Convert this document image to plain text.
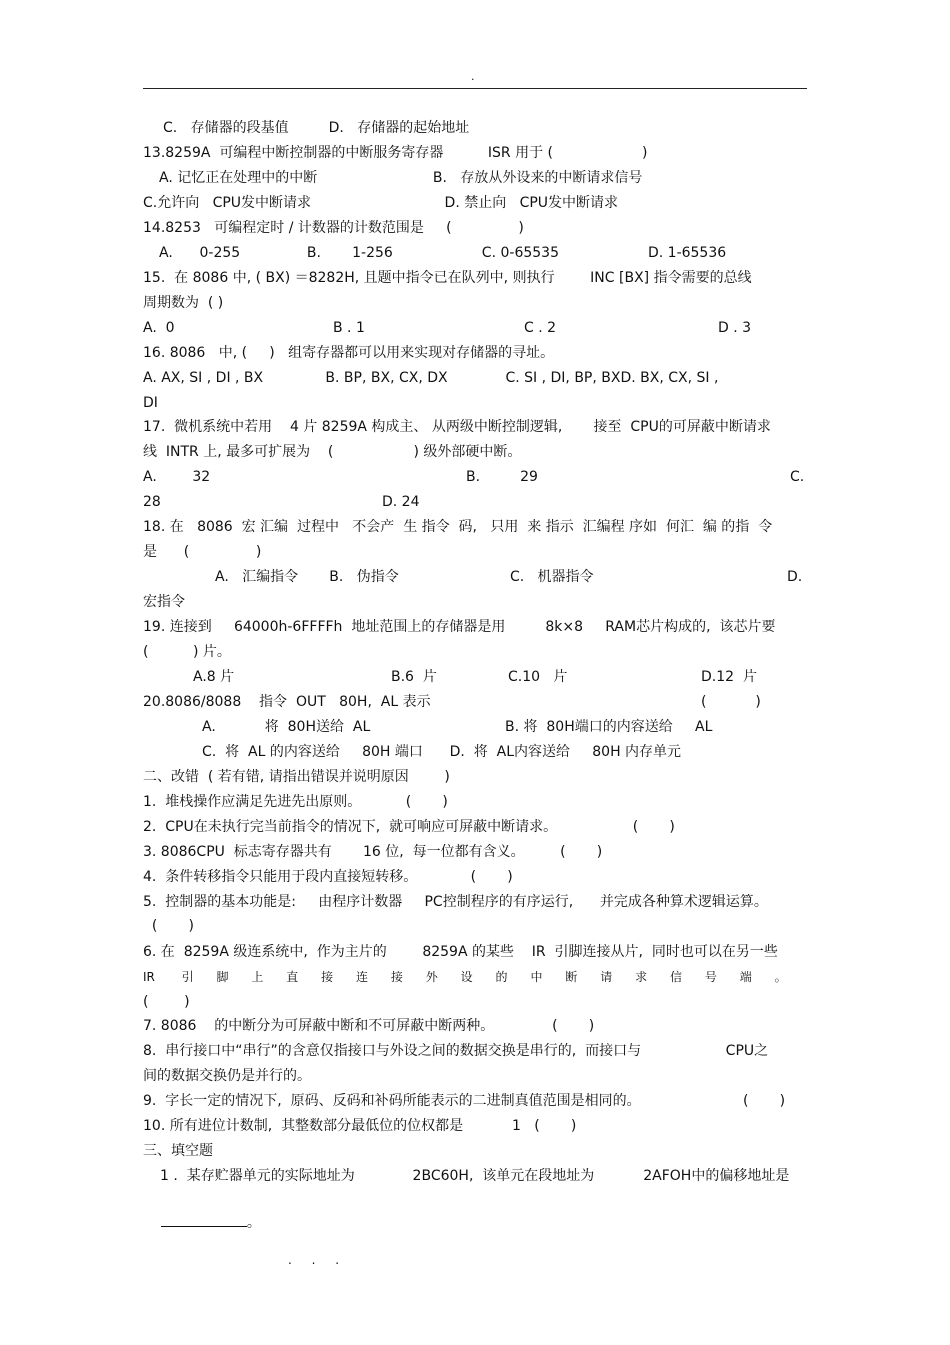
.
C.   存储器的段基值         D.   存储器的起始地址
13.8259A  可编程中断控制器的中断服务寄存器          ISR 用于 (                    )
A. 记忆正在处理中的中断                          B.   存放从外设来的中断请求信号
C.允许向   CPU发中断请求                              D. 禁止向   CPU发中断请求
14.8253   可编程定时 / 计数器的计数范围是     (               )
A.      0-255               B.       1-256                    C. 0-65535                    D. 1-65536
15.  在 8086 中, ( BX) ＝8282H, 且题中指令已在队列中, 则执行        INC [BX] 指令需要的总线
周期数为  ( )
A.  0	B . 1	C . 2	D . 3
16. 8086   中, (     )   组寄存器都可以用来实现对存储器的寻址。
A. AX, SI , DI , BX              B. BP, BX, CX, DX             C. SI , DI, BP, BXD. BX, CX, SI ,
DI
17.  微机系统中若用    4 片 8259A 构成主、 从两级中断控制逻辑,       接至  CPU的可屏蔽中断请求
线  INTR 上, 最多可扩展为    (                  ) 级外部硬中断。
A.        32	B.         29	C.
28	D. 24
18. 在   8086  宏 汇编  过程中   不会产  生 指令  码,   只用  来 指示  汇编程 序如  何汇  编 的指  令
是      (               )
A.   汇编指令       B.   伪指令                         C.   机器指令	D.
宏指令
19. 连接到     64000h-6FFFFh  地址范围上的存储器是用         8k×8     RAM芯片构成的,  该芯片要
(          ) 片。
A.8 片	B.6  片	C.10   片	D.12  片
20.8086/8088    指令  OUT   80H,  AL 表示	(           )
A.           将  80H送给  AL	B. 将  80H端口的内容送给     AL
C.  将  AL 的内容送给     80H 端口      D.  将  AL内容送给     80H 内存单元
二、改错  ( 若有错, 请指出错误并说明原因        )
1.  堆栈操作应满足先进先出原则。          (       )
2.  CPU在未执行完当前指令的情况下,  就可响应可屏蔽中断请求。                 (       )
3. 8086CPU  标志寄存器共有       16 位,  每一位都有含义。        (       )
4.  条件转移指令只能用于段内直接短转移。            (       )
5.  控制器的基本功能是:     由程序计数器     PC控制程序的有序运行,      并完成各种算术逻辑运算。
(       )
6. 在  8259A 级连系统中,  作为主片的        8259A 的某些    IR  引脚连接从片,  同时也可以在另一些
IR       引      脚      上      直      接      连      接      外      设      的      中      断      请      求      信      号      端      。
(        )
7. 8086    的中断分为可屏蔽中断和不可屏蔽中断两种。             (       )
8.  串行接口中“串行”的含意仅指接口与外设之间的数据交换是串行的,  而接口与                   CPU之
间的数据交换仍是并行的。
9.  字长一定的情况下,  原码、反码和补码所能表示的二进制真值范围是相同的。	(       )
10. 所有进位计数制,  其整数部分最低位的位权都是           1   (       )
三、填空题
1 .  某存贮器单元的实际地址为             2BC60H,  该单元在段地址为           2AFOH中的偏移地址是

。

. . .
